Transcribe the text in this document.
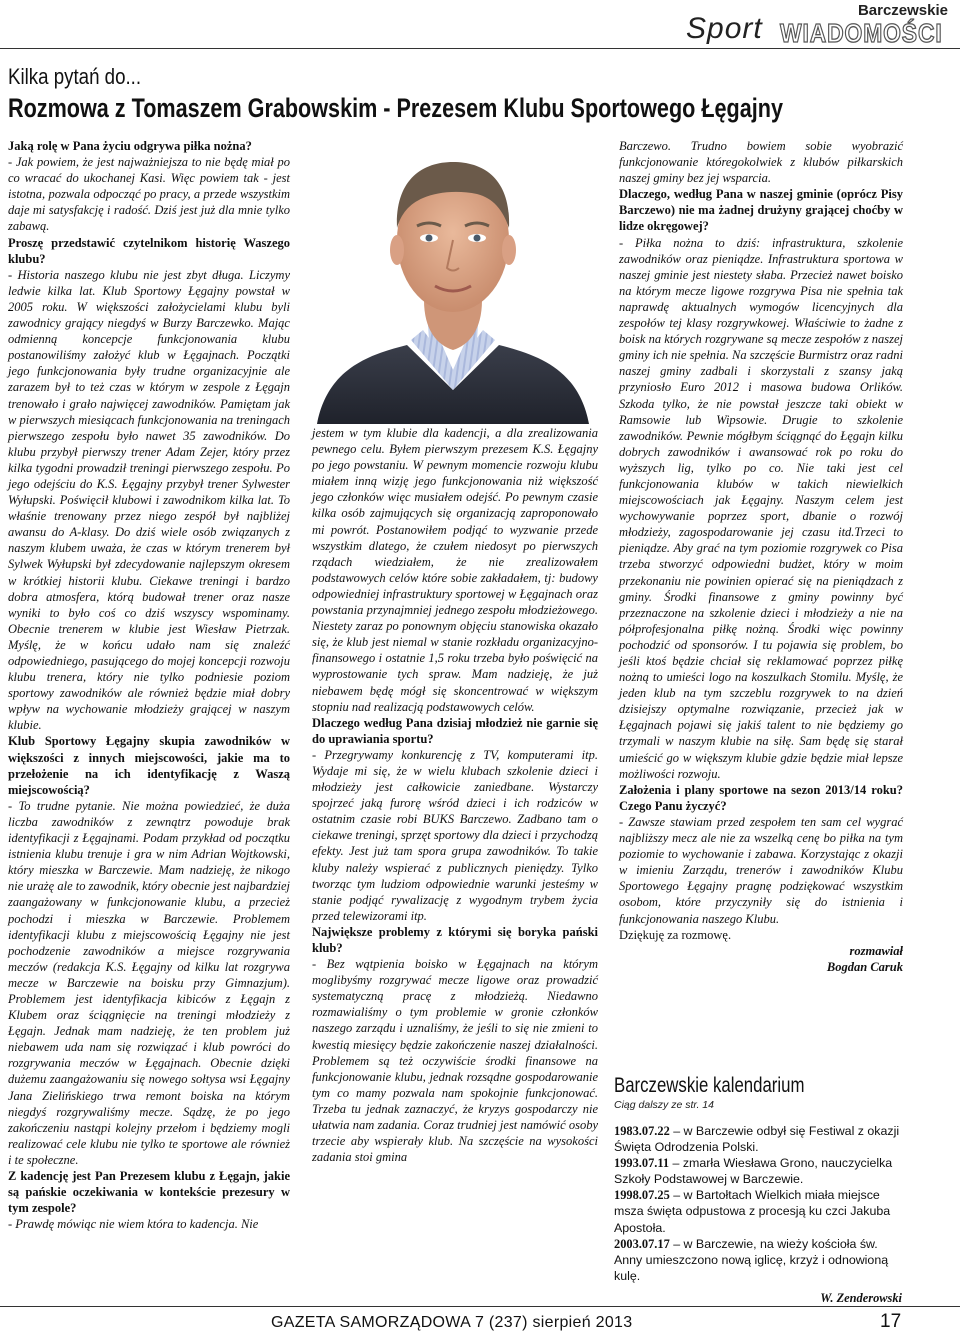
Sport
Barczewskie
WIADOMOŚCI
Kilka pytań do...
Rozmowa z Tomaszem Grabowskim - Prezesem Klubu Sportowego Łęgajny

Jaką rolę w Pana życiu odgrywa piłka nożna?

- Jak powiem, że jest najważniejsza to nie będę miał po co wracać do ukochanej Kasi. Więc powiem tak - jest istotna, pozwala odpocząć po pracy, a przede wszystkim daje mi satysfakcję i radość. Dziś jest już dla mnie tylko zabawą.

Proszę przedstawić czytelnikom historię Waszego klubu?

- Historia naszego klubu nie jest zbyt długa. Liczymy ledwie kilka lat. Klub Sportowy Łęgajny powstał w 2005 roku. W większości założycielami klubu byli zawodnicy grający niegdyś w Burzy Barczewko. Mając odmienną koncepcje funkcjonowania klubu postanowiliśmy założyć klub w Łęgajnach. Początki jego funkcjonowania były trudne organizacyjnie ale zarazem był to też czas w którym w zespole z Łęgajn trenowało i grało najwięcej zawodników. Pamiętam jak w pierwszych miesiącach funkcjonowania na treningach pierwszego zespołu było nawet 35 zawodników. Do klubu przybył pierwszy trener Adam Zejer, który przez kilka tygodni prowadził treningi pierwszego zespołu. Po jego odejściu do K.S. Łęgajny przybył trener Sylwester Wyłupski. Poświęcił klubowi i zawodnikom kilka lat. To właśnie trenowany przez niego zespół był najbliżej awansu do A-klasy. Do dziś wiele osób związanych z naszym klubem uważa, że czas w którym trenerem był Sylwek Wyłupski był zdecydowanie najlepszym okresem w krótkiej historii klubu. Ciekawe treningi i bardzo dobra atmosfera, którą budował trener oraz nasze wyniki to było coś co dziś wszyscy wspominamy. Obecnie trenerem w klubie jest Wiesław Pietrzak. Myślę, że w końcu udało nam się znaleźć odpowiedniego, pasującego do mojej koncepcji rozwoju klubu trenera, który nie tylko podniesie poziom sportowy zawodników ale również będzie miał dobry wpływ na wychowanie młodzieży grającej w naszym klubie.

Klub Sportowy Łęgajny skupia zawodników w większości z innych miejscowości, jakie ma to przełożenie na ich identyfikację z Waszą miejscowością?

- To trudne pytanie. Nie można powiedzieć, że duża liczba zawodników z zewnątrz powoduje brak identyfikacji z Łęgajnami. Podam przykład od początku istnienia klubu trenuje i gra w nim Adrian Wojtkowski, który mieszka w Barczewie. Mam nadzieję, że nikogo nie urażę ale to zawodnik, który obecnie jest najbardziej zaangażowany w funkcjonowanie klubu, a przecież pochodzi i mieszka w Barczewie. Problemem identyfikacji klubu z miejscowością Łęgajny nie jest pochodzenie zawodników a miejsce rozgrywania meczów (redakcja K.S. Łęgajny od kilku lat rozgrywa mecze w Barczewie na boisku przy Gimnazjum). Problemem jest identyfikacja kibiców z Łęgajn z Klubem oraz ściągnięcie na treningi młodzieży z Łęgajn. Jednak mam nadzieję, że ten problem już niebawem uda nam się rozwiązać i klub powróci do rozgrywania meczów w Łęgajnach. Obecnie dzięki dużemu zaangażowaniu się nowego sołtysa wsi Łęgajny Jana Zielińskiego trwa remont boiska na którym niegdyś rozgrywaliśmy mecze. Sądzę, że po jego zakończeniu nastąpi kolejny przełom i będziemy mogli realizować cele klubu nie tylko te sportowe ale również i te społeczne.

Z kadencję jest Pan Prezesem klubu z Łęgajn, jakie są pańskie oczekiwania w kontekście prezesury w tym zespole?

- Prawdę mówiąc nie wiem która to kadencja. Nie

jestem w tym klubie dla kadencji, a dla zrealizowania pewnego celu. Byłem pierwszym prezesem K.S. Łęgajny po jego powstaniu. W pewnym momencie rozwoju klubu miałem inną wizję jego funkcjonowania niż większość jego członków więc musiałem odejść. Po pewnym czasie kilka osób zajmujących się organizacją zaproponowało mi powrót. Postanowiłem podjąć to wyzwanie przede wszystkim dlatego, że czułem niedosyt po pierwszych rządach wiedziałem, że nie zrealizowałem podstawowych celów które sobie zakładałem, tj: budowy odpowiedniej infrastruktury sportowej w Łęgajnach oraz powstania przynajmniej jednego zespołu młodzieżowego. Niestety zaraz po ponownym objęciu stanowiska okazało się, że klub jest niemal w stanie rozkładu organizacyjno-finansowego i ostatnie 1,5 roku trzeba było poświęcić na wyprostowanie tych spraw. Mam nadzieję, że już niebawem będę mógł się skoncentrować w większym stopniu nad realizacją podstawowych celów.

Dlaczego według Pana dzisiaj młodzież nie garnie się do uprawiania sportu?

- Przegrywamy konkurencję z TV, komputerami itp. Wydaje mi się, że w wielu klubach szkolenie dzieci i młodzieży jest całkowicie zaniedbane. Wystarczy spojrzeć jaką furorę wśród dzieci i ich rodziców w ostatnim czasie robi BUKS Barczewo. Zadbano tam o ciekawe treningi, sprzęt sportowy dla dzieci i przychodzą efekty. Jest już tam spora grupa zawodników. To takie kluby należy wspierać z publicznych pieniędzy. Tylko tworząc tym ludziom odpowiednie warunki jesteśmy w stanie podjąć rywalizację z wygodnym trybem życia przed telewizorami itp.

Największe problemy z którymi się boryka pański klub?

- Bez wątpienia boisko w Łęgajnach na którym moglibyśmy rozgrywać mecze ligowe oraz prowadzić systematyczną pracę z młodzieżą. Niedawno rozmawialiśmy o tym problemie w gronie członków naszego zarządu i uznaliśmy, że jeśli to się nie zmieni to kwestią miesięcy będzie zakończenie naszej działalności. Problemem są też oczywiście środki finansowe na funkcjonowanie klubu, jednak rozsądne gospodarowanie tym co mamy pozwala nam spokojnie funkcjonować. Trzeba tu jednak zaznaczyć, że kryzys gospodarczy nie ułatwia nam zadania. Coraz trudniej jest namówić osoby trzecie aby wspierały klub. Na szczęście na wysokości zadania stoi gmina

Barczewo. Trudno bowiem sobie wyobrazić funkcjonowanie któregokolwiek z klubów piłkarskich naszej gminy bez jej wsparcia.

Dlaczego, według Pana w naszej gminie (oprócz Pisy Barczewo) nie ma żadnej drużyny grającej choćby w lidze okręgowej?

- Piłka nożna to dziś: infrastruktura, szkolenie zawodników oraz pieniądze. Infrastruktura sportowa w naszej gminie jest niestety słaba. Przecież nawet boisko na którym mecze ligowe rozgrywa Pisa nie spełnia tak naprawdę aktualnych wymogów licencyjnych dla zespołów tej klasy rozgrywkowej. Właściwie to żadne z boisk na których rozgrywane są mecze zespołów z naszej gminy ich nie spełnia. Na szczęście Burmistrz oraz radni naszej gminy zadbali i skorzystali z szansy jaką przyniosło Euro 2012 i masowa budowa Orlików. Szkoda tylko, że nie powstał jeszcze taki obiekt w Ramsowie lub Wipsowie. Drugie to szkolenie zawodników. Pewnie mógłbym ściągnąć do Łęgajn kilku dobrych zawodników i awansować rok po roku do wyższych lig, tylko po co. Nie taki jest cel funkcjonowania klubów w takich niewielkich miejscowościach jak Łęgajny. Naszym celem jest wychowywanie poprzez sport, dbanie o rozwój młodzieży, zagospodarowanie jej czasu itd.Trzeci to pieniądze. Aby grać na tym poziomie rozgrywek co Pisa trzeba stworzyć odpowiedni budżet, który w moim przekonaniu nie powinien opierać się na pieniądzach z gminy. Środki finansowe z gminy powinny być przeznaczone na szkolenie dzieci i młodzieży a nie na półprofesjonalna piłkę nożną. Środki więc powinny pochodzić od sponsorów. I tu pojawia się problem, bo jeśli ktoś będzie chciał się reklamować poprzez piłkę nożną to umieści logo na koszulkach Stomilu. Myślę, że jeden klub na tym szczeblu rozgrywek to na dzień dzisiejszy optymalne rozwiązanie, przecież jak w Łęgajnach pojawi się jakiś talent to nie będziemy go trzymali w naszym klubie na siłę. Sam będę się starał umieścić go w większym klubie gdzie będzie miał lepsze możliwości rozwoju.

Założenia i plany sportowe na sezon 2013/14 roku? Czego Panu życzyć?

- Zawsze stawiam przed zespołem ten sam cel wygrać najbliższy mecz ale nie za wszelką cenę bo piłka na tym poziomie to wychowanie i zabawa. Korzystając z okazji w imieniu Zarządu, trenerów i zawodników Klubu Sportowego Łęgajny pragnę podziękować wszystkim osobom, które przyczyniły się do istnienia i funkcjonowania naszego Klubu.

Dziękuję za rozmowę.

rozmawiał

Bogdan Caruk

Barczewskie kalendarium
Ciąg dalszy ze str. 14

1983.07.22 – w Barczewie odbył się Festiwal z okazji Święta Odrodzenia Polski.

1993.07.11 – zmarła Wiesława Grono, nauczycielka Szkoły Podstawowej w Barczewie.

1998.07.25 – w Bartołtach Wielkich miała miejsce msza święta odpustowa z procesją ku czci Jakuba Apostoła.

2003.07.17 – w Barczewie, na wieży kościoła św. Anny umieszczono nową iglicę, krzyż i odnowioną kulę.

W. Zenderowski
GAZETA SAMORZĄDOWA 7 (237) sierpień 2013	17
